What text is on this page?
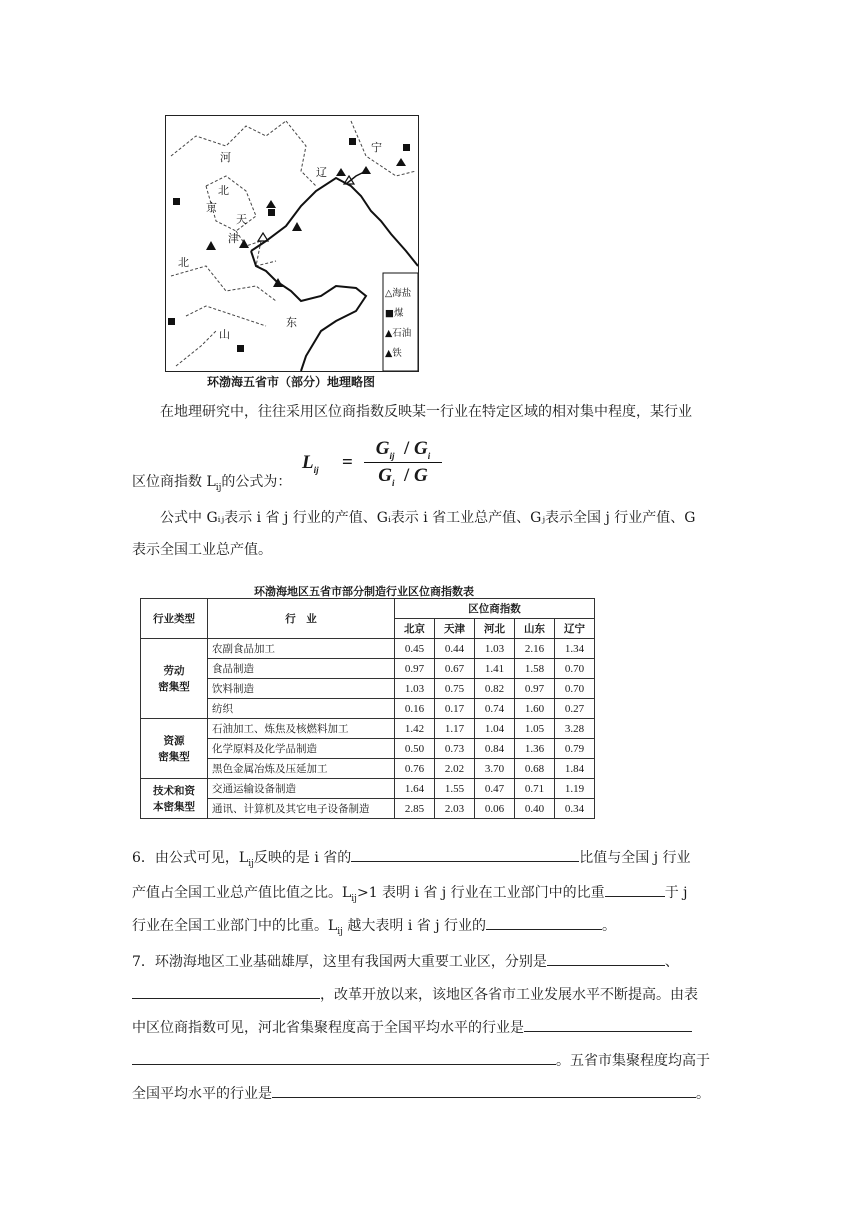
河
辽
宁
北
京
天
津
北
山
东
△海盐
■煤
▲石油
▲铁
环渤海五省市（部分）地理略图
在地理研究中，往往采用区位商指数反映某一行业在特定区域的相对集中程度，某行业
$L_{ij}$ =
$G_{ij} / G_i$
$G_i$  / G
区位商指数 $L_{ij}$的公式为：
公式中 Gᵢⱼ表示 i 省 j 行业的产值、Gᵢ表示 i 省工业总产值、Gⱼ表示全国 j 行业产值、G
表示全国工业总产值。
环渤海地区五省市部分制造行业区位商指数表
行业类型	行　业	区位商指数				
		北京	天津	河北	山东	辽宁

劳动
密集型	农副食品加工	0.45	0.44	1.03	2.16	1.34
	食品制造	0.97	0.67	1.41	1.58	0.70
	饮料制造	1.03	0.75	0.82	0.97	0.70
	纺织	0.16	0.17	0.74	1.60	0.27

资源
密集型	石油加工、炼焦及核燃料加工	1.42	1.17	1.04	1.05	3.28
	化学原料及化学品制造	0.50	0.73	0.84	1.36	0.79
	黑色金属冶炼及压延加工	0.76	2.02	3.70	0.68	1.84

技术和资
本密集型	交通运输设备制造	1.64	1.55	0.47	0.71	1.19
	通讯、计算机及其它电子设备制造	2.85	2.03	0.06	0.40	0.34
6．由公式可见，$L_{ij}$反映的是 i 省的	比值与全国 j 行业
产值占全国工业总产值比值之比。$L_{ij}>1$ 表明 i 省 j 行业在工业部门中的比重	于 j
行业在全国工业部门中的比重。$L_{ij}$ 越大表明 i 省 j 行业的	。
7．环渤海地区工业基础雄厚，这里有我国两大重要工业区，分别是	、
，改革开放以来，该地区各省市工业发展水平不断提高。由表
中区位商指数可见，河北省集聚程度高于全国平均水平的行业是
。五省市集聚程度均高于
全国平均水平的行业是	。
